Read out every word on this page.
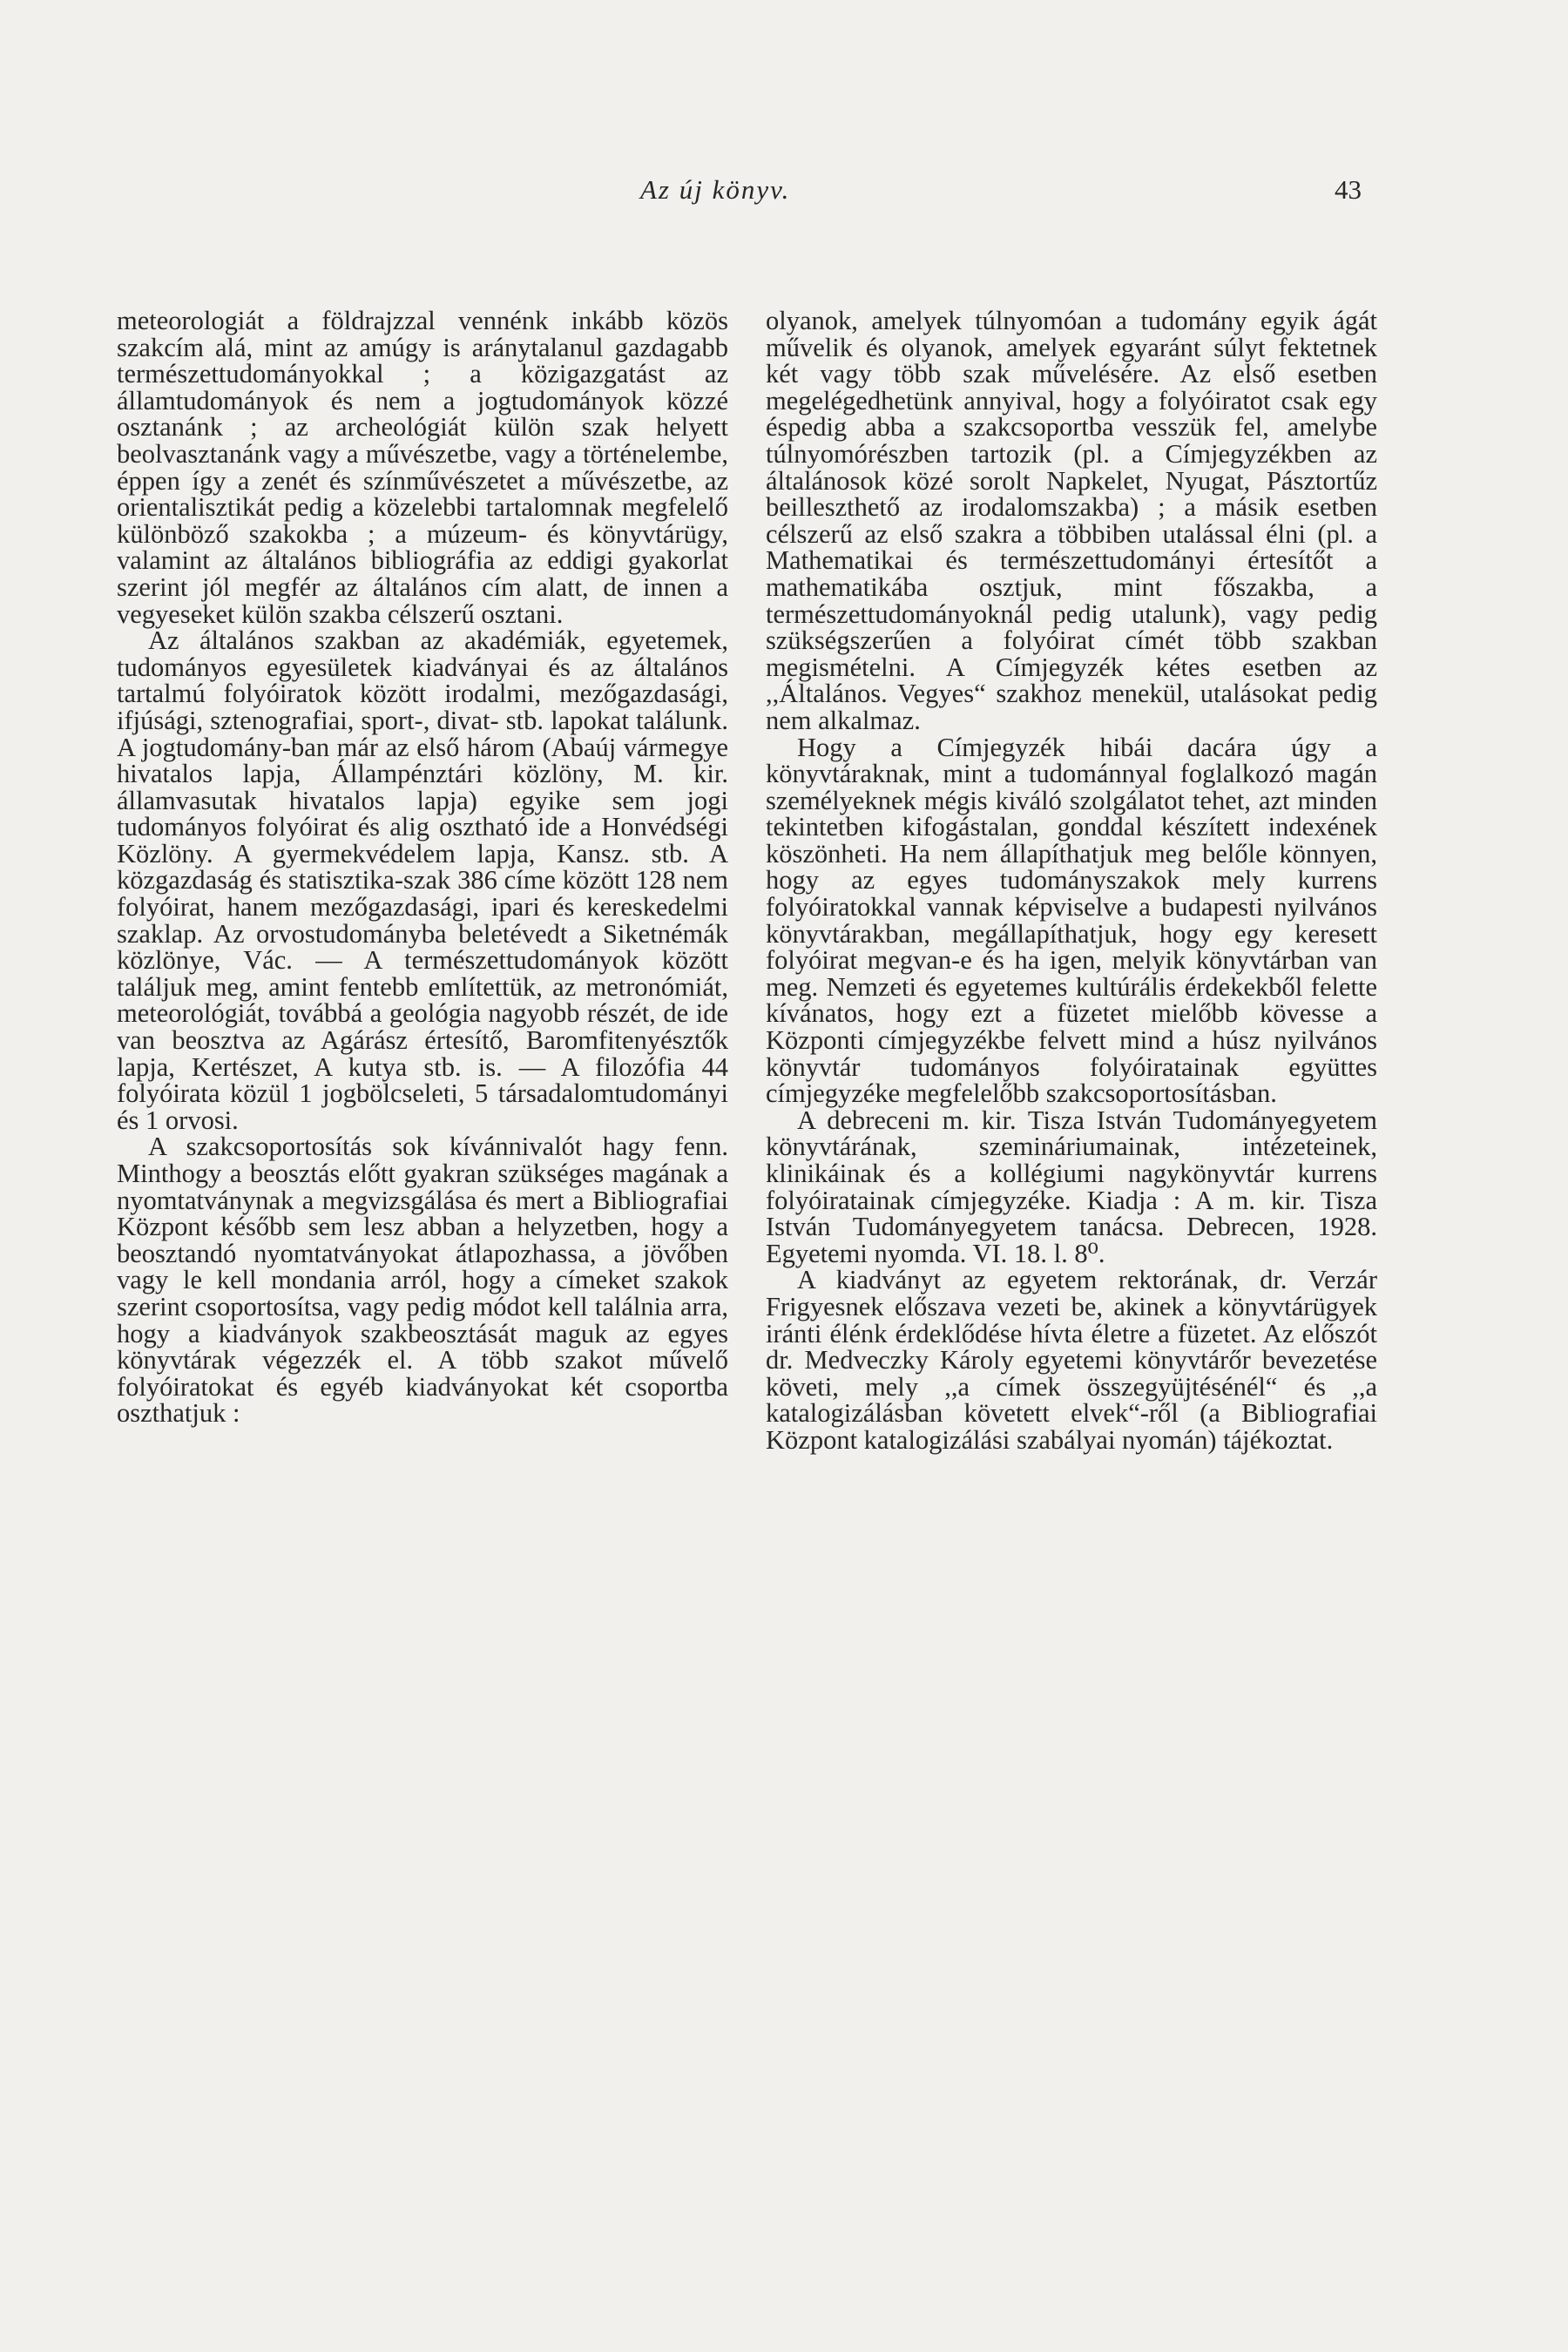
Az új könyv.	43

meteorologiát a földrajzzal vennénk inkább közös szakcím alá, mint az amúgy is aránytalanul gazdagabb természettudományokkal ; a közigazgatást az államtudományok és nem a jogtudományok közzé osztanánk ; az archeológiát külön szak helyett beolvasztanánk vagy a művészetbe, vagy a történelembe, éppen így a zenét és színművészetet a művészetbe, az orientalisztikát pedig a közelebbi tartalomnak megfelelő különböző szakokba ; a múzeum- és könyvtárügy, valamint az általános bibliográfia az eddigi gyakorlat szerint jól megfér az általános cím alatt, de innen a vegyeseket külön szakba célszerű osztani.

Az általános szakban az akadémiák, egyetemek, tudományos egyesületek kiadványai és az általános tartalmú folyóiratok között irodalmi, mezőgazdasági, ifjúsági, sztenografiai, sport-, divat- stb. lapokat találunk. A jogtudomány-ban már az első három (Abaúj vármegye hivatalos lapja, Állampénztári közlöny, M. kir. államvasutak hivatalos lapja) egyike sem jogi tudományos folyóirat és alig osztható ide a Honvédségi Közlöny. A gyermekvédelem lapja, Kansz. stb. A közgazdaság és statisztika-szak 386 címe között 128 nem folyóirat, hanem mezőgazdasági, ipari és kereskedelmi szaklap. Az orvostudományba beletévedt a Siketnémák közlönye, Vác. — A természettudományok között találjuk meg, amint fentebb említettük, az metronómiát, meteorológiát, továbbá a geológia nagyobb részét, de ide van beosztva az Agárász értesítő, Baromfitenyésztők lapja, Kertészet, A kutya stb. is. — A filozófia 44 folyóirata közül 1 jogbölcseleti, 5 társadalomtudományi és 1 orvosi.

A szakcsoportosítás sok kívánnivalót hagy fenn. Minthogy a beosztás előtt gyakran szükséges magának a nyomtatványnak a megvizsgálása és mert a Bibliografiai Központ később sem lesz abban a helyzetben, hogy a beosztandó nyomtatványokat átlapozhassa, a jövőben vagy le kell mondania arról, hogy a címeket szakok szerint csoportosítsa, vagy pedig módot kell találnia arra, hogy a kiadványok szakbeosztását maguk az egyes könyvtárak végezzék el. A több szakot művelő folyóiratokat és egyéb kiadványokat két csoportba oszthatjuk :

olyanok, amelyek túlnyomóan a tudomány egyik ágát művelik és olyanok, amelyek egyaránt súlyt fektetnek két vagy több szak művelésére. Az első esetben megelégedhetünk annyival, hogy a folyóiratot csak egy éspedig abba a szakcsoportba vesszük fel, amelybe túlnyomórészben tartozik (pl. a Címjegyzékben az általánosok közé sorolt Napkelet, Nyugat, Pásztortűz beilleszthető az irodalomszakba) ; a másik esetben célszerű az első szakra a többiben utalással élni (pl. a Mathematikai és természettudományi értesítőt a mathematikába osztjuk, mint főszakba, a természettudományoknál pedig utalunk), vagy pedig szükségszerűen a folyóirat címét több szakban megismételni. A Címjegyzék kétes esetben az ,,Általános. Vegyes“ szakhoz menekül, utalásokat pedig nem alkalmaz.

Hogy a Címjegyzék hibái dacára úgy a könyvtáraknak, mint a tudománnyal foglalkozó magán személyeknek mégis kiváló szolgálatot tehet, azt minden tekintetben kifogástalan, gonddal készített indexének köszönheti. Ha nem állapíthatjuk meg belőle könnyen, hogy az egyes tudományszakok mely kurrens folyóiratokkal vannak képviselve a budapesti nyilvános könyvtárakban, megállapíthatjuk, hogy egy keresett folyóirat megvan-e és ha igen, melyik könyvtárban van meg. Nemzeti és egyetemes kultúrális érdekekből felette kívánatos, hogy ezt a füzetet mielőbb kövesse a Központi címjegyzékbe felvett mind a húsz nyilvános könyvtár tudományos folyóiratainak együttes címjegyzéke megfelelőbb szakcsoportosításban.

A debreceni m. kir. Tisza István Tudományegyetem könyvtárának, szemináriumainak, intézeteinek, klinikáinak és a kollégiumi nagykönyvtár kurrens folyóiratainak címjegyzéke. Kiadja : A m. kir. Tisza István Tudományegyetem tanácsa. Debrecen, 1928. Egyetemi nyomda. VI. 18. l. 8⁰.

A kiadványt az egyetem rektorának, dr. Verzár Frigyesnek előszava vezeti be, akinek a könyvtárügyek iránti élénk érdeklődése hívta életre a füzetet. Az előszót dr. Medveczky Károly egyetemi könyvtárőr bevezetése követi, mely ,,a címek összegyüjtésénél“ és ,,a katalogizálásban követett elvek“-ről (a Bibliografiai Központ katalogizálási szabályai nyomán) tájékoztat.
